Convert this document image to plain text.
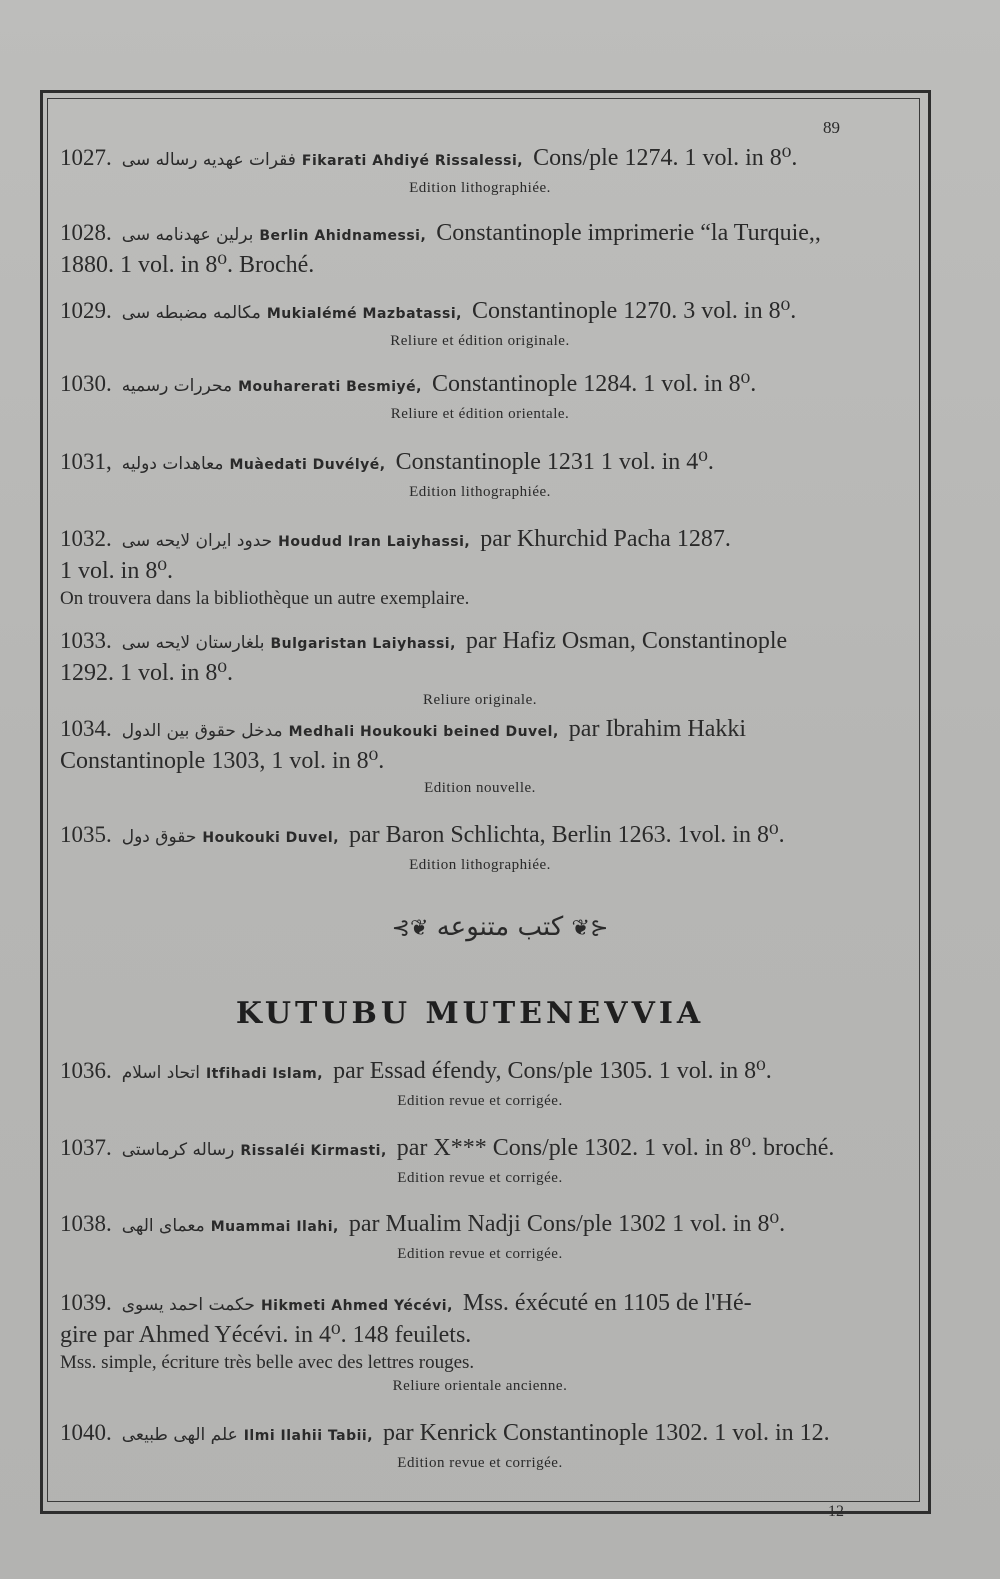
89
1027. فقرات عهديه رساله سى Fikarati Ahdiyé Rissalessi, Cons/ple 1274. 1 vol. in 8⁰.
Edition lithographiée.
1028. برلين عهدنامه سى Berlin Ahidnamessi, Constantinople imprimerie “la Turquie,,
1880. 1 vol. in 8⁰. Broché.
1029. مكالمه مضبطه سى Mukialémé Mazbatassi, Constantinople 1270. 3 vol. in 8⁰.
Reliure et édition originale.
1030. محررات رسميه Mouharerati Besmiyé, Constantinople 1284. 1 vol. in 8⁰.
Reliure et édition orientale.
1031, معاهدات دوليه Muàedati Duvélyé, Constantinople 1231 1 vol. in 4⁰.
Edition lithographiée.
1032. حدود ايران لايحه سى Houdud Iran Laiyhassi, par Khurchid Pacha 1287.
1 vol. in 8⁰.
On trouvera dans la bibliothèque un autre exemplaire.
1033. بلغارستان لايحه سى Bulgaristan Laiyhassi, par Hafiz Osman, Constantinople
1292. 1 vol. in 8⁰.
Reliure originale.
1034. مدخل حقوق بين الدول Medhali Houkouki beined Duvel, par Ibrahim Hakki
Constantinople 1303, 1 vol. in 8⁰.
Edition nouvelle.
1035. حقوق دول Houkouki Duvel, par Baron Schlichta, Berlin 1263. 1vol. in 8⁰.
Edition lithographiée.
⊰❦ كتب متنوعه ❦⊱
KUTUBU MUTENEVVIA
1036. اتحاد اسلام Itfihadi Islam, par Essad éfendy, Cons/ple 1305. 1 vol. in 8⁰.
Edition revue et corrigée.
1037. رساله كرماستى Rissaléi Kirmasti, par X*** Cons/ple 1302. 1 vol. in 8⁰. broché.
Edition revue et corrigée.
1038. معماى الهى Muammai Ilahi, par Mualim Nadji Cons/ple 1302 1 vol. in 8⁰.
Edition revue et corrigée.
1039. حكمت احمد يسوى Hikmeti Ahmed Yécévi, Mss. éxécuté en 1105 de l'Hé-
gire par Ahmed Yécévi. in 4⁰. 148 feuilets.
Mss. simple, écriture très belle avec des lettres rouges.
Reliure orientale ancienne.
1040. علم الهى طبيعى Ilmi Ilahii Tabii, par Kenrick Constantinople 1302. 1 vol. in 12.
Edition revue et corrigée.
12
